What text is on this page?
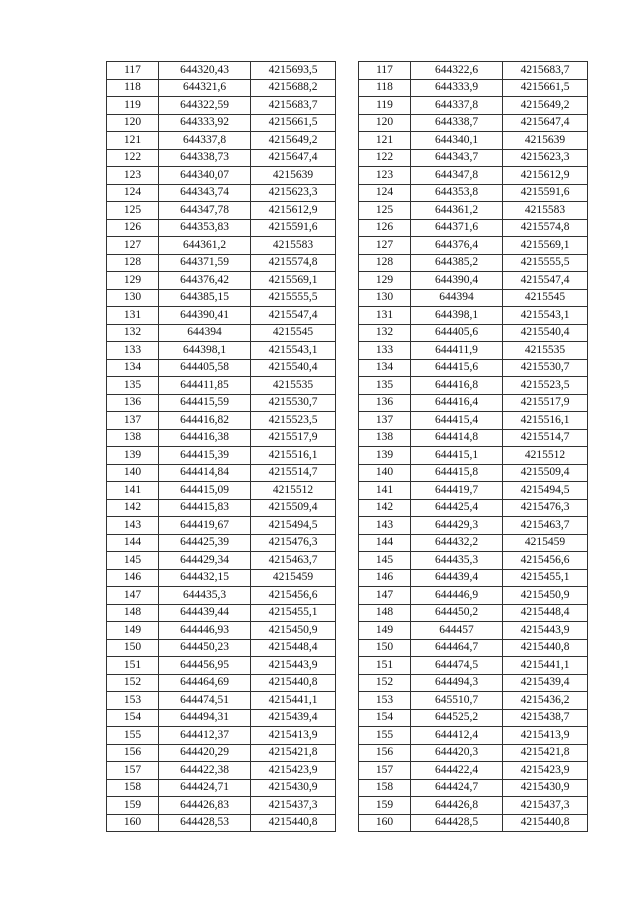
117	644320,43	4215693,5
118	644321,6	4215688,2
119	644322,59	4215683,7
120	644333,92	4215661,5
121	644337,8	4215649,2
122	644338,73	4215647,4
123	644340,07	4215639
124	644343,74	4215623,3
125	644347,78	4215612,9
126	644353,83	4215591,6
127	644361,2	4215583
128	644371,59	4215574,8
129	644376,42	4215569,1
130	644385,15	4215555,5
131	644390,41	4215547,4
132	644394	4215545
133	644398,1	4215543,1
134	644405,58	4215540,4
135	644411,85	4215535
136	644415,59	4215530,7
137	644416,82	4215523,5
138	644416,38	4215517,9
139	644415,39	4215516,1
140	644414,84	4215514,7
141	644415,09	4215512
142	644415,83	4215509,4
143	644419,67	4215494,5
144	644425,39	4215476,3
145	644429,34	4215463,7
146	644432,15	4215459
147	644435,3	4215456,6
148	644439,44	4215455,1
149	644446,93	4215450,9
150	644450,23	4215448,4
151	644456,95	4215443,9
152	644464,69	4215440,8
153	644474,51	4215441,1
154	644494,31	4215439,4
155	644412,37	4215413,9
156	644420,29	4215421,8
157	644422,38	4215423,9
158	644424,71	4215430,9
159	644426,83	4215437,3
160	644428,53	4215440,8
117	644322,6	4215683,7
118	644333,9	4215661,5
119	644337,8	4215649,2
120	644338,7	4215647,4
121	644340,1	4215639
122	644343,7	4215623,3
123	644347,8	4215612,9
124	644353,8	4215591,6
125	644361,2	4215583
126	644371,6	4215574,8
127	644376,4	4215569,1
128	644385,2	4215555,5
129	644390,4	4215547,4
130	644394	4215545
131	644398,1	4215543,1
132	644405,6	4215540,4
133	644411,9	4215535
134	644415,6	4215530,7
135	644416,8	4215523,5
136	644416,4	4215517,9
137	644415,4	4215516,1
138	644414,8	4215514,7
139	644415,1	4215512
140	644415,8	4215509,4
141	644419,7	4215494,5
142	644425,4	4215476,3
143	644429,3	4215463,7
144	644432,2	4215459
145	644435,3	4215456,6
146	644439,4	4215455,1
147	644446,9	4215450,9
148	644450,2	4215448,4
149	644457	4215443,9
150	644464,7	4215440,8
151	644474,5	4215441,1
152	644494,3	4215439,4
153	645510,7	4215436,2
154	644525,2	4215438,7
155	644412,4	4215413,9
156	644420,3	4215421,8
157	644422,4	4215423,9
158	644424,7	4215430,9
159	644426,8	4215437,3
160	644428,5	4215440,8
